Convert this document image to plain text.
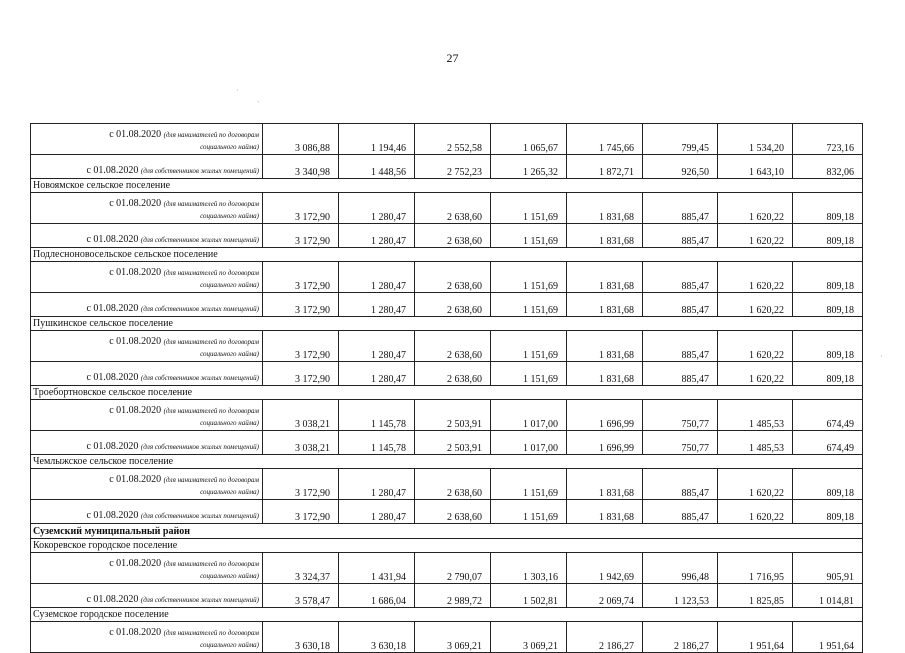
27
·
`
·
с 01.08.2020 (для нанимателей по договорам
социального найма)	3 086,88	1 194,46	2 552,58	1 065,67	1 745,66	799,45	1 534,20	723,16
с 01.08.2020 (для собственников жилых помещений)	3 340,98	1 448,56	2 752,23	1 265,32	1 872,71	926,50	1 643,10	832,06
Новоямское сельское поселение								
с 01.08.2020 (для нанимателей по договорам
социального найма)	3 172,90	1 280,47	2 638,60	1 151,69	1 831,68	885,47	1 620,22	809,18
с 01.08.2020 (для собственников жилых помещений)	3 172,90	1 280,47	2 638,60	1 151,69	1 831,68	885,47	1 620,22	809,18
Подлесноновосельское сельское поселение								
с 01.08.2020 (для нанимателей по договорам
социального найма)	3 172,90	1 280,47	2 638,60	1 151,69	1 831,68	885,47	1 620,22	809,18
с 01.08.2020 (для собственников жилых помещений)	3 172,90	1 280,47	2 638,60	1 151,69	1 831,68	885,47	1 620,22	809,18
Пушкинское сельское поселение								
с 01.08.2020 (для нанимателей по договорам
социального найма)	3 172,90	1 280,47	2 638,60	1 151,69	1 831,68	885,47	1 620,22	809,18
с 01.08.2020 (для собственников жилых помещений)	3 172,90	1 280,47	2 638,60	1 151,69	1 831,68	885,47	1 620,22	809,18
Троебортновское сельское поселение								
с 01.08.2020 (для нанимателей по договорам
социального найма)	3 038,21	1 145,78	2 503,91	1 017,00	1 696,99	750,77	1 485,53	674,49
с 01.08.2020 (для собственников жилых помещений)	3 038,21	1 145,78	2 503,91	1 017,00	1 696,99	750,77	1 485,53	674,49
Чемлыжское сельское поселение								
с 01.08.2020 (для нанимателей по договорам
социального найма)	3 172,90	1 280,47	2 638,60	1 151,69	1 831,68	885,47	1 620,22	809,18
с 01.08.2020 (для собственников жилых помещений)	3 172,90	1 280,47	2 638,60	1 151,69	1 831,68	885,47	1 620,22	809,18
Суземский муниципальный район								
Кокоревское городское поселение								
с 01.08.2020 (для нанимателей по договорам
социального найма)	3 324,37	1 431,94	2 790,07	1 303,16	1 942,69	996,48	1 716,95	905,91
с 01.08.2020 (для собственников жилых помещений)	3 578,47	1 686,04	2 989,72	1 502,81	2 069,74	1 123,53	1 825,85	1 014,81
Суземское городское поселение								
с 01.08.2020 (для нанимателей по договорам
социального найма)	3 630,18	3 630,18	3 069,21	3 069,21	2 186,27	2 186,27	1 951,64	1 951,64
